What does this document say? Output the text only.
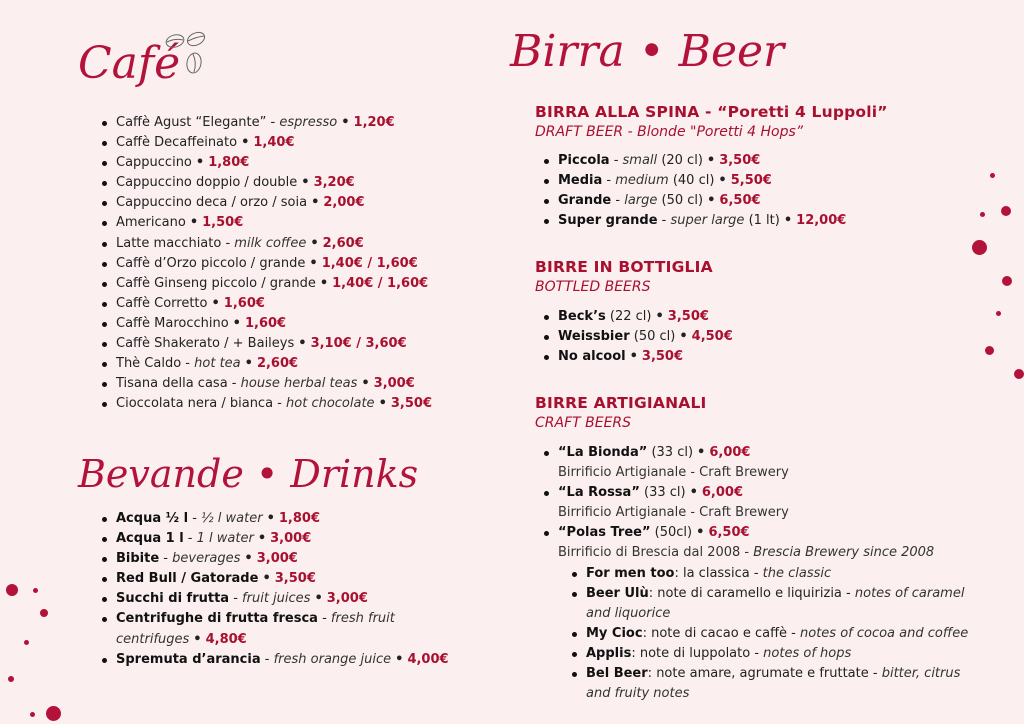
Café
Caffè Agust “Elegante” - espresso • 1,20€
Caffè Decaffeinato • 1,40€
Cappuccino • 1,80€
Cappuccino doppio / double • 3,20€
Cappuccino deca / orzo / soia • 2,00€
Americano • 1,50€
Latte macchiato - milk coffee • 2,60€
Caffè d’Orzo piccolo / grande • 1,40€ / 1,60€
Caffè Ginseng piccolo / grande • 1,40€ / 1,60€
Caffè Corretto • 1,60€
Caffè Marocchino • 1,60€
Caffè Shakerato / + Baileys • 3,10€ / 3,60€
Thè Caldo - hot tea • 2,60€
Tisana della casa - house herbal teas • 3,00€
Cioccolata nera / bianca - hot chocolate • 3,50€
Bevande • Drinks
Acqua ½ l - ½ l water • 1,80€
Acqua 1 l - 1 l water • 3,00€
Bibite - beverages • 3,00€
Red Bull / Gatorade • 3,50€
Succhi di frutta - fruit juices • 3,00€
Centrifughe di frutta fresca - fresh fruit
centrifuges • 4,80€
Spremuta d’arancia - fresh orange juice • 4,00€
Birra • Beer
BIRRA ALLA SPINA - “Poretti 4 Luppoli”
DRAFT BEER - Blonde "Poretti 4 Hops”
Piccola - small (20 cl) • 3,50€
Media - medium (40 cl) • 5,50€
Grande - large (50 cl) • 6,50€
Super grande - super large (1 lt) • 12,00€
BIRRE IN BOTTIGLIA
BOTTLED BEERS
Beck’s (22 cl) • 3,50€
Weissbier (50 cl) • 4,50€
No alcool • 3,50€
BIRRE ARTIGIANALI
CRAFT BEERS
“La Bionda” (33 cl) • 6,00€
Birrificio Artigianale - Craft Brewery
“La Rossa” (33 cl) • 6,00€
Birrificio Artigianale - Craft Brewery
“Polas Tree” (50cl) • 6,50€
Birrificio di Brescia dal 2008 - Brescia Brewery since 2008
For men too: la classica - the classic
Beer Ulù: note di caramello e liquirizia - notes of caramel and liquorice
My Cioc: note di cacao e caffè - notes of cocoa and coffee
Applis: note di luppolato - notes of hops
Bel Beer: note amare, agrumate e fruttate - bitter, citrus and fruity notes
